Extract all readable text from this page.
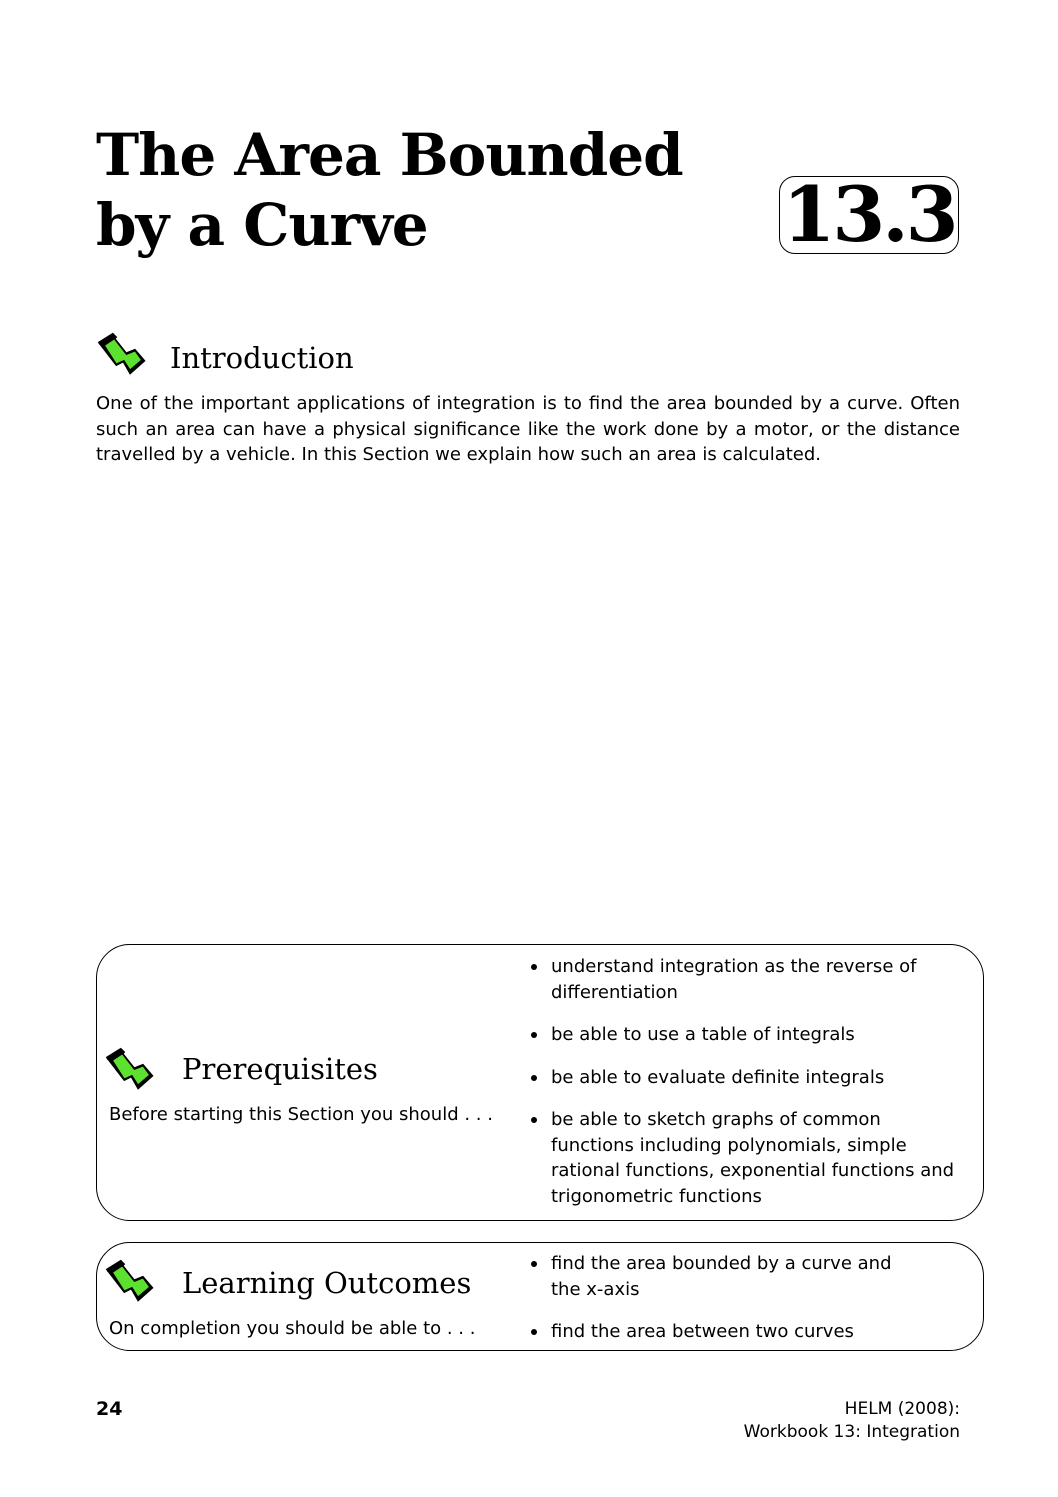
The Area Bounded
by a Curve	13.3
Introduction
One of the important applications of integration is to find the area bounded by a curve. Often such an area can have a physical significance like the work done by a motor, or the distance travelled by a vehicle. In this Section we explain how such an area is calculated.
Prerequisites
Before starting this Section you should . . .
understand integration as the reverse of differentiation
be able to use a table of integrals
be able to evaluate definite integrals
be able to sketch graphs of common functions including polynomials, simple rational functions, exponential functions and trigonometric functions
Learning Outcomes
On completion you should be able to . . .
find the area bounded by a curve and the x-axis
find the area between two curves
24	HELM (2008):
Workbook 13: Integration
